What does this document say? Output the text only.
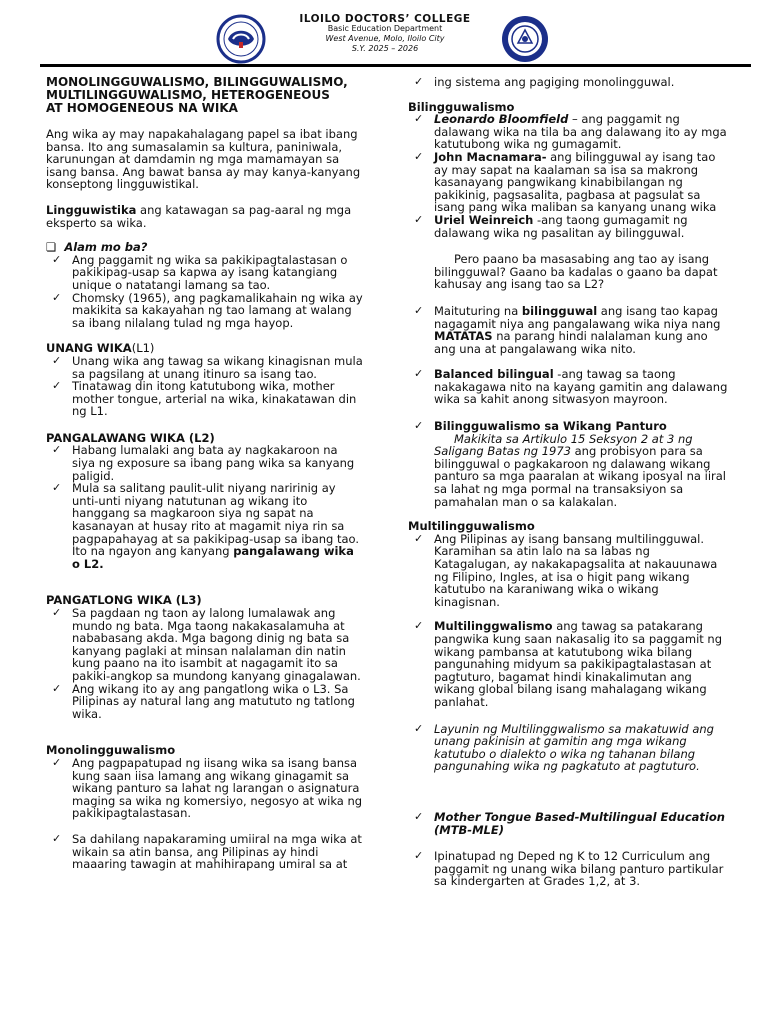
ILOILO DOCTORS’ COLLEGE
Basic Education Department
West Avenue, Molo, Iloilo City
S.Y. 2025 – 2026
MONOLINGGUWALISMO, BILINGGUWALISMO,
MULTILINGGUWALISMO, HETEROGENEOUS
AT HOMOGENEOUS NA WIKA

Ang wika ay may napakahalagang papel sa ibat ibang bansa. Ito ang sumasalamin sa kultura, paniniwala, karunungan at damdamin ng mga mamamayan sa isang bansa. Ang bawat bansa ay may kanya-kanyang konseptong lingguwistikal.

Lingguwistika ang katawagan sa pag-aaral ng mga eksperto sa wika.

❏ Alam mo ba?

✓ Ang paggamit ng wika sa pakikipagtalastasan o pakikipag-usap sa kapwa ay isang katangiang unique o natatangi lamang sa tao.
✓ Chomsky (1965), ang pagkamalikahain ng wika ay makikita sa kakayahan ng tao lamang at walang sa ibang nilalang tulad ng mga hayop.

UNANG WIKA(L1)

✓ Unang wika ang tawag sa wikang kinagisnan mula sa pagsilang at unang itinuro sa isang tao.
✓ Tinatawag din itong katutubong wika, mother mother tongue, arterial na wika, kinakatawan din ng L1.

PANGALAWANG WIKA (L2)

✓ Habang lumalaki ang bata ay nagkakaroon na siya ng exposure sa ibang pang wika sa kanyang paligid.
✓ Mula sa salitang paulit-ulit niyang naririnig ay unti-unti niyang natutunan ag wikang ito hanggang sa magkaroon siya ng sapat na kasanayan at husay rito at magamit niya rin sa pagpapahayag at sa pakikipag-usap sa ibang tao. Ito na ngayon ang kanyang pangalawang wika o L2.

PANGATLONG WIKA (L3)

✓ Sa pagdaan ng taon ay lalong lumalawak ang mundo ng bata. Mga taong nakakasalamuha at nababasang akda. Mga bagong dinig ng bata sa kanyang paglaki at minsan nalalaman din natin kung paano na ito isambit at nagagamit ito sa pakiki-angkop sa mundong kanyang ginagalawan.
✓ Ang wikang ito ay ang pangatlong wika o L3. Sa Pilipinas ay natural lang ang matututo ng tatlong wika.

Monolingguwalismo

✓ Ang pagpapatupad ng iisang wika sa isang bansa kung saan iisa lamang ang wikang ginagamit sa wikang panturo sa lahat ng larangan o asignatura maging sa wika ng komersiyo, negosyo at wika ng pakikipagtalastasan.
✓ Sa dahilang napakaraming umiiral na mga wika at wikain sa atin bansa, ang Pilipinas ay hindi maaaring tawagin at mahihirapang umiral sa at
✓ ing sistema ang pagiging monolingguwal.

Bilingguwalismo

✓ Leonardo Bloomfield – ang paggamit ng dalawang wika na tila ba ang dalawang ito ay mga katutubong wika ng gumagamit.
✓ John Macnamara- ang bilingguwal ay isang tao ay may sapat na kaalaman sa isa sa makrong kasanayang pangwikang kinabibilangan ng pakikinig, pagsasalita, pagbasa at pagsulat sa isang pang wika maliban sa kanyang unang wika
✓ Uriel Weinreich -ang taong gumagamit ng dalawang wika ng pasalitan ay bilingguwal.

Pero paano ba masasabing ang tao ay isang bilingguwal? Gaano ba kadalas o gaano ba dapat kahusay ang isang tao sa L2?

✓ Maituturing na bilingguwal ang isang tao kapag nagagamit niya ang pangalawang wika niya nang MATATAS na parang hindi nalalaman kung ano ang una at pangalawang wika nito.
✓ Balanced bilingual -ang tawag sa taong nakakagawa nito na kayang gamitin ang dalawang wika sa kahit anong sitwasyon mayroon.
✓ Bilingguwalismo sa Wikang Panturo

Makikita sa Artikulo 15 Seksyon 2 at 3 ng Saligang Batas ng 1973 ang probisyon para sa bilingguwal o pagkakaroon ng dalawang wikang panturo sa mga paaralan at wikang iposyal na iiral sa lahat ng mga pormal na transaksiyon sa pamahalan man o sa kalakalan.

Multilingguwalismo

✓ Ang Pilipinas ay isang bansang multilingguwal. Karamihan sa atin lalo na sa labas ng Katagalugan, ay nakakapagsalita at nakauunawa ng Filipino, Ingles, at isa o higit pang wikang katutubo na karaniwang wika o wikang kinagisnan.
✓ Multilinggwalismo ang tawag sa patakarang pangwika kung saan nakasalig ito sa paggamit ng wikang pambansa at katutubong wika bilang pangunahing midyum sa pakikipagtalastasan at pagtuturo, bagamat hindi kinakalimutan ang wikang global bilang isang mahalagang wikang panlahat.
✓ Layunin ng Multilinggwalismo sa makatuwid ang unang pakinisin at gamitin ang mga wikang katutubo o dialekto o wika ng tahanan bilang pangunahing wika ng pagkatuto at pagtuturo.
✓ Mother Tongue Based-Multilingual Education (MTB-MLE)
✓ Ipinatupad ng Deped ng K to 12 Curriculum ang paggamit ng unang wika bilang panturo partikular sa kindergarten at Grades 1,2, at 3.
